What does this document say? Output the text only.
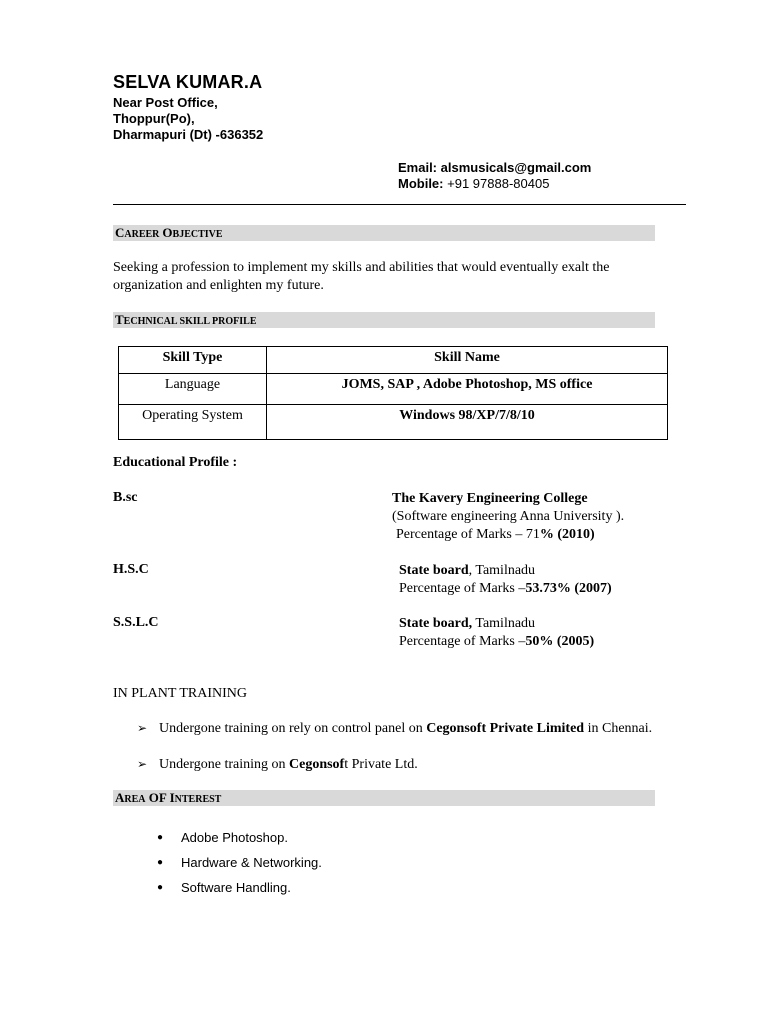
SELVA KUMAR.A
Near Post Office,
Thoppur(Po),
Dharmapuri (Dt) -636352
Email: alsmusicals@gmail.com
Mobile: +91 97888-80405
CAREER OBJECTIVE
Seeking a profession to implement my skills and abilities that would eventually exalt the organization and enlighten my future.
TECHNICAL SKILL PROFILE
Skill Type	Skill Name
Language	JOMS, SAP , Adobe Photoshop, MS office
Operating System	Windows 98/XP/7/8/10
Educational Profile :
B.sc	The Kavery Engineering College
(Software engineering Anna University ).
Percentage of Marks – 71% (2010)
H.S.C	State board, Tamilnadu
Percentage of Marks –53.73% (2007)
S.S.L.C	State board, Tamilnadu
Percentage of Marks –50% (2005)
IN PLANT TRAINING
➢ Undergone training on rely on control panel on Cegonsoft Private Limited in Chennai.
➢ Undergone training on Cegonsoft Private Ltd.
AREA OF INTEREST
● Adobe Photoshop.
● Hardware & Networking.
● Software Handling.
